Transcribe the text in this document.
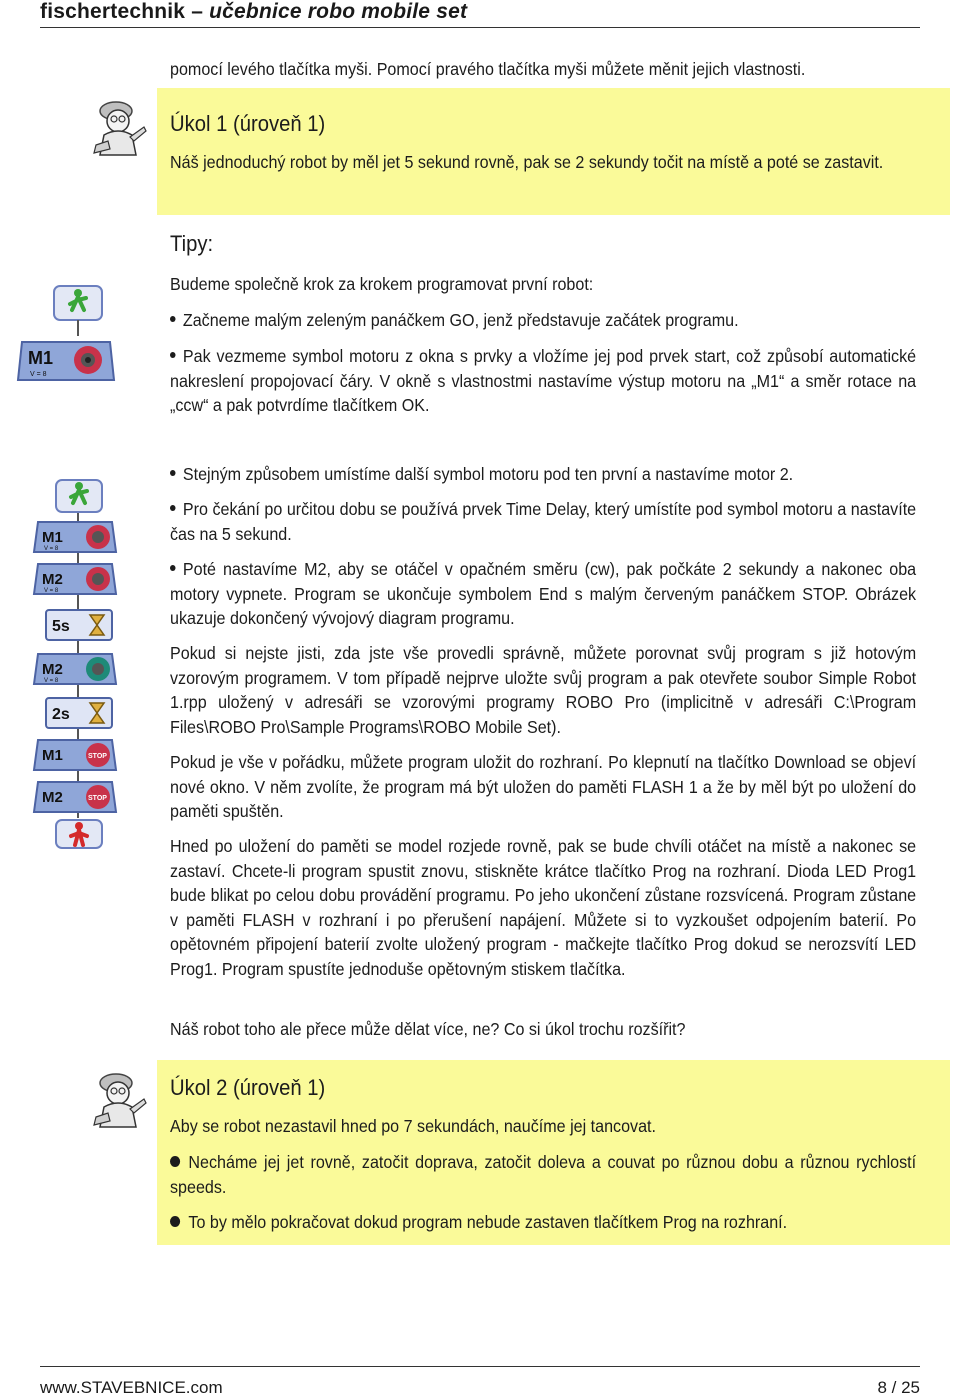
fischertechnik – učebnice robo mobile set
pomocí levého tlačítka myši. Pomocí pravého tlačítka myši můžete měnit jejich vlastnosti.
Úkol 1 (úroveň 1)
Náš jednoduchý robot by měl jet 5 sekund rovně, pak se 2 sekundy točit na místě a poté se zastavit.
Tipy:
Budeme společně krok za krokem programovat první robot:
Začneme malým zeleným panáčkem GO, jenž představuje začátek programu.
Pak vezmeme symbol motoru z okna s prvky a vložíme jej pod prvek start, což způsobí automatické nakreslení propojovací čáry. V okně s vlastnostmi nastavíme výstup motoru na „M1“ a směr rotace na „ccw“ a pak potvrdíme tlačítkem OK.
M1
V = 8
M1
V = 8
M2
V = 8
5s
M2
V = 8
2s
M1	STOP
M2	STOP
Stejným způsobem umístíme další symbol motoru pod ten první a nastavíme motor 2.
Pro čekání po určitou dobu se používá prvek Time Delay, který umístíte pod symbol motoru a nastavíte čas na 5 sekund.
Poté nastavíme M2, aby se otáčel v opačném směru (cw), pak počkáte 2 sekundy a nakonec oba motory vypnete. Program se ukončuje symbolem End s malým červeným panáčkem STOP. Obrázek ukazuje dokončený vývojový diagram programu.
Pokud si nejste jisti, zda jste vše provedli správně, můžete porovnat svůj program s již hotovým vzorovým programem. V tom případě nejprve uložte svůj program a pak otevřete soubor Simple Robot 1.rpp uložený v adresáři se vzorovými programy ROBO Pro (implicitně v adresáři C:\Program Files\ROBO Pro\Sample Programs\ROBO Mobile Set).
Pokud je vše v pořádku, můžete program uložit do rozhraní. Po klepnutí na tlačítko Download se objeví nové okno. V něm zvolíte, že program má být uložen do paměti FLASH 1 a že by měl být po uložení do paměti spuštěn.
Hned po uložení do paměti se model rozjede rovně, pak se bude chvíli otáčet na místě a nakonec se zastaví. Chcete-li program spustit znovu, stiskněte krátce tlačítko Prog na rozhraní. Dioda LED Prog1 bude blikat po celou dobu provádění programu. Po jeho ukončení zůstane rozsvícená. Program zůstane v paměti FLASH v rozhraní i po přerušení napájení. Můžete si to vyzkoušet odpojením baterií. Po opětovném připojení baterií zvolte uložený program - mačkejte tlačítko Prog dokud se nerozsvítí LED Prog1. Program spustíte jednoduše opětovným stiskem tlačítka.
Náš robot toho ale přece může dělat více, ne? Co si úkol trochu rozšířit?
Úkol 2 (úroveň 1)
Aby se robot nezastavil hned po 7 sekundách, naučíme jej tancovat.
Necháme jej jet rovně, zatočit doprava, zatočit doleva a couvat po různou dobu a různou rychlostí speeds.
To by mělo pokračovat dokud program nebude zastaven tlačítkem Prog na rozhraní.
www.STAVEBNICE.com	8 / 25
